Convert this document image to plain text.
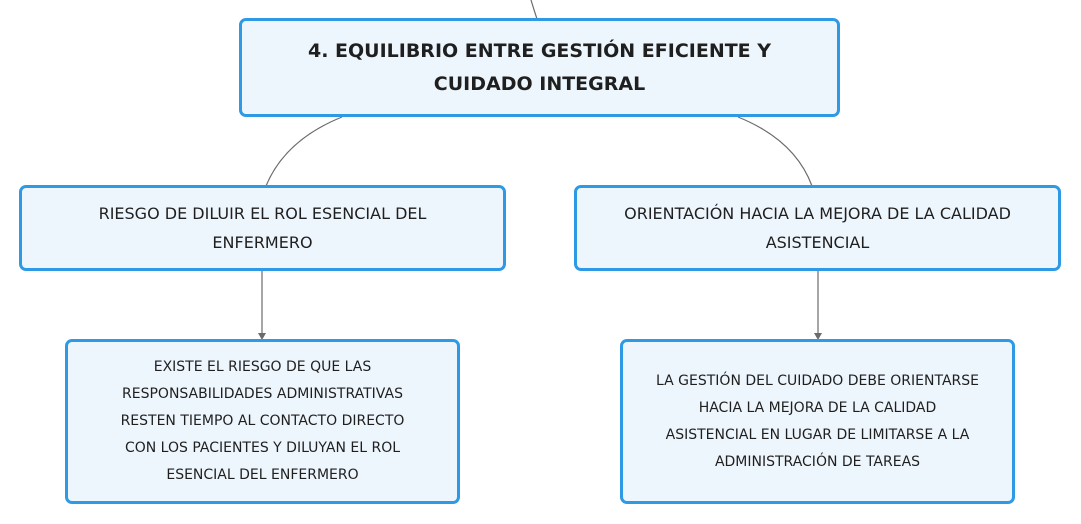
4. EQUILIBRIO ENTRE GESTIÓN EFICIENTE Y
CUIDADO INTEGRAL
RIESGO DE DILUIR EL ROL ESENCIAL DEL
ENFERMERO
ORIENTACIÓN HACIA LA MEJORA DE LA CALIDAD
ASISTENCIAL
EXISTE EL RIESGO DE QUE LAS
RESPONSABILIDADES ADMINISTRATIVAS
RESTEN TIEMPO AL CONTACTO DIRECTO
CON LOS PACIENTES Y DILUYAN EL ROL
ESENCIAL DEL ENFERMERO
LA GESTIÓN DEL CUIDADO DEBE ORIENTARSE
HACIA LA MEJORA DE LA CALIDAD
ASISTENCIAL EN LUGAR DE LIMITARSE A LA
ADMINISTRACIÓN DE TAREAS
